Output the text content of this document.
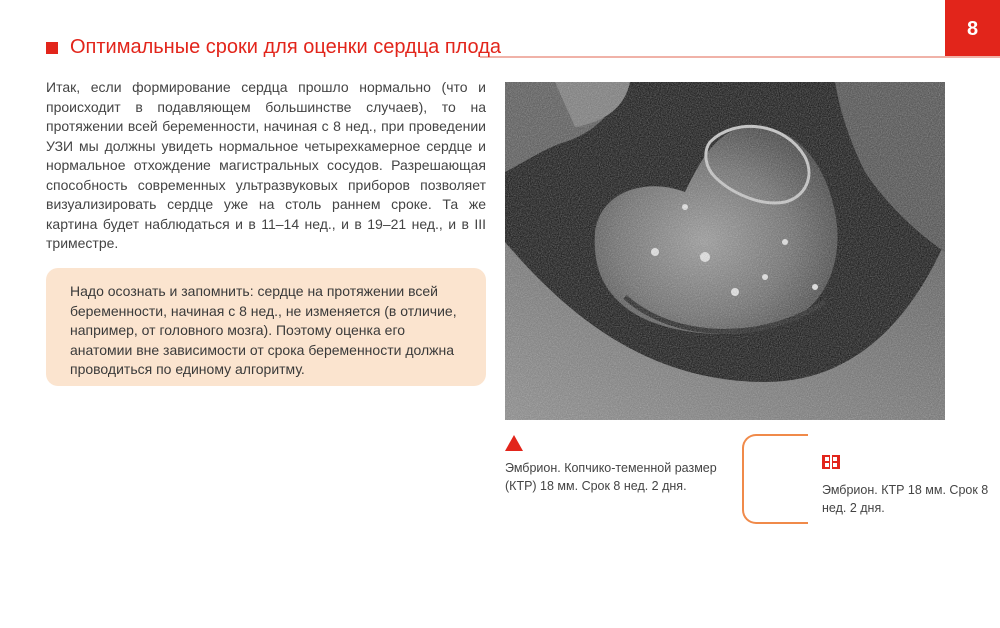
8
Оптимальные сроки для оценки сердца плода

Итак, если формирование сердца прошло нормально (что и происходит в подавляющем большинстве случаев), то на протяжении всей беременности, начиная с 8 нед., при проведении УЗИ мы должны увидеть нормальное четырехкамерное сердце и нормальное отхождение магистральных сосудов. Разрешающая способность современных ультразвуковых приборов позволяет визуализировать сердце уже на столь раннем сроке. Та же картина будет наблюдаться и в 11–14 нед., и в 19–21 нед., и в III триместре.

Надо осознать и запомнить: сердце на протяжении всей беременности, начиная с 8 нед., не изменяется (в отличие, например, от головного мозга). Поэтому оценка его анатомии вне зависимости от срока беременности должна проводиться по единому алгоритму.

Эмбрион. Копчико-теменной размер (КТР) 18 мм. Срок 8 нед. 2 дня.	Эмбрион. КТР 18 мм. Срок 8 нед. 2 дня.
